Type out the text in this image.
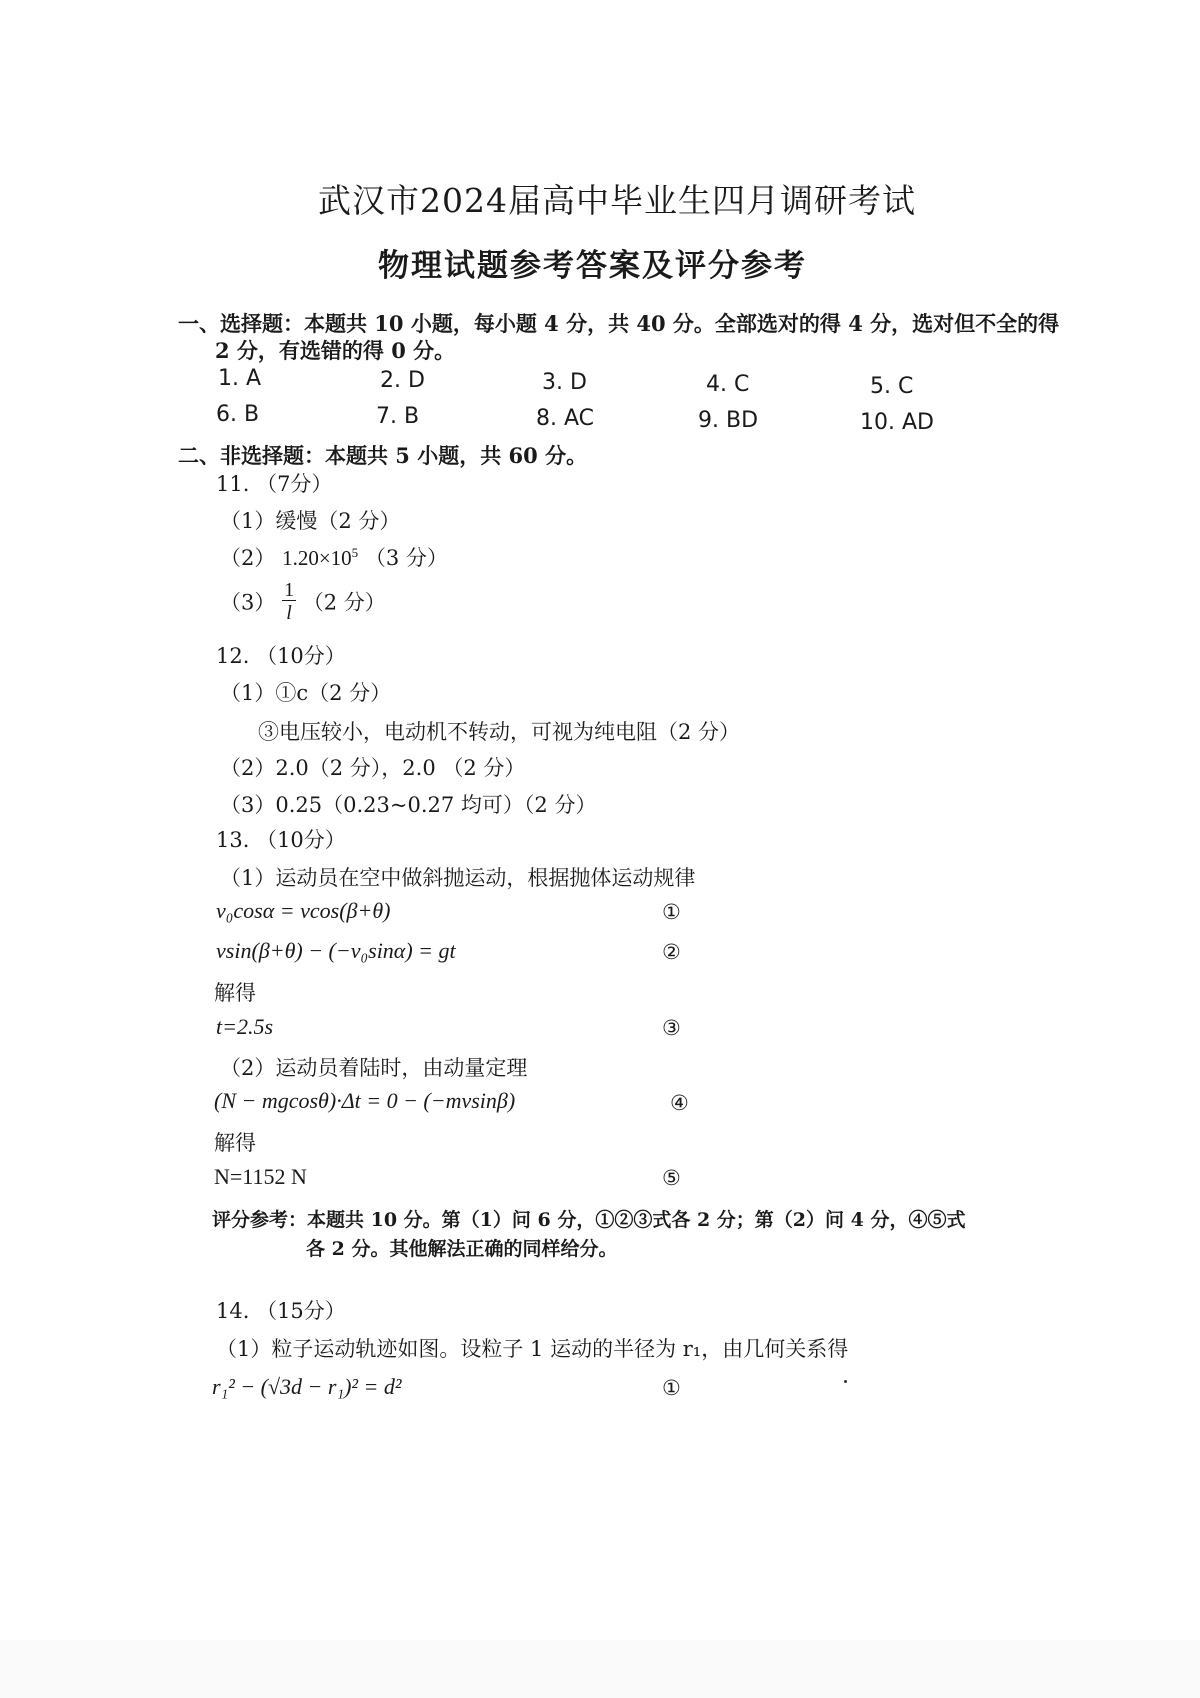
武汉市2024届高中毕业生四月调研考试
物理试题参考答案及评分参考
一、选择题：本题共 10 小题，每小题 4 分，共 40 分。全部选对的得 4 分，选对但不全的得
2 分，有选错的得 0 分。
1. A	2. D	3. D	4. C	5. C
6. B	7. B	8. AC	9. BD	10. AD
二、非选择题：本题共 5 小题，共 60 分。
11. （7分）
（1）缓慢（2 分）
（2） $1.20\times 10^5$ （3 分）
$(3) \frac{1}{l} (2$ 分）
12. （10分）
（1）①c（2 分）
③电压较小，电动机不转动，可视为纯电阻（2 分）
（2）2.0（2 分），2.0 （2 分）
（3）0.25（0.23~0.27 均可）（2 分）
13. （10分）
（1）运动员在空中做斜抛运动，根据抛体运动规律
v₀cosα = vcos(β+θ)	①
vsin(β+θ) − (−v₀sinα) = gt	②
解得
t=2.5s	③
（2）运动员着陆时，由动量定理
(N − mgcosθ)·Δt = 0 − (−mvsinβ)	④
解得
N=1152 N	⑤
评分参考：本题共 10 分。第（1）问 6 分，①②③式各 2 分；第（2）问 4 分，④⑤式
各 2 分。其他解法正确的同样给分。
14. （15分）
（1）粒子运动轨迹如图。设粒子 1 运动的半径为 r₁，由几何关系得
r₁² − (√3d − r₁)² = d²	①
